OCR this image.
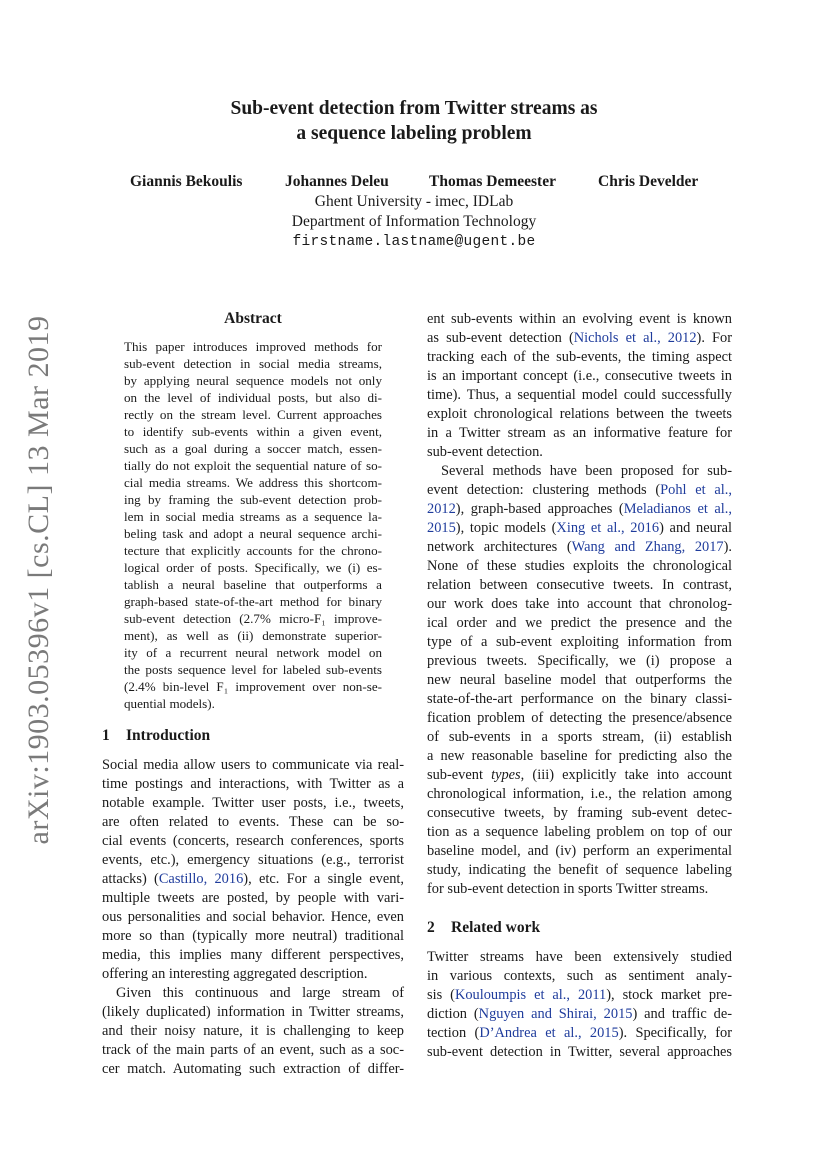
arXiv:1903.05396v1 [cs.CL] 13 Mar 2019
Sub-event detection from Twitter streams as
a sequence labeling problem
Giannis Bekoulis	Johannes Deleu	Thomas Demeester	Chris Develder
Ghent University - imec, IDLab
Department of Information Technology
firstname.lastname@ugent.be
Abstract
This paper introduces improved methods for
sub-event detection in social media streams,
by applying neural sequence models not only
on the level of individual posts, but also di-
rectly on the stream level. Current approaches
to identify sub-events within a given event,
such as a goal during a soccer match, essen-
tially do not exploit the sequential nature of so-
cial media streams. We address this shortcom-
ing by framing the sub-event detection prob-
lem in social media streams as a sequence la-
beling task and adopt a neural sequence archi-
tecture that explicitly accounts for the chrono-
logical order of posts. Specifically, we (i) es-
tablish a neural baseline that outperforms a
graph-based state-of-the-art method for binary
sub-event detection (2.7% micro-F₁ improve-
ment), as well as (ii) demonstrate superior-
ity of a recurrent neural network model on
the posts sequence level for labeled sub-events
(2.4% bin-level F₁ improvement over non-se-
quential models).
1 Introduction
Social media allow users to communicate via real-
time postings and interactions, with Twitter as a
notable example. Twitter user posts, i.e., tweets,
are often related to events. These can be so-
cial events (concerts, research conferences, sports
events, etc.), emergency situations (e.g., terrorist
attacks) (Castillo, 2016), etc. For a single event,
multiple tweets are posted, by people with vari-
ous personalities and social behavior. Hence, even
more so than (typically more neutral) traditional
media, this implies many different perspectives,
offering an interesting aggregated description.
Given this continuous and large stream of
(likely duplicated) information in Twitter streams,
and their noisy nature, it is challenging to keep
track of the main parts of an event, such as a soc-
cer match. Automating such extraction of differ-
ent sub-events within an evolving event is known
as sub-event detection (Nichols et al., 2012). For
tracking each of the sub-events, the timing aspect
is an important concept (i.e., consecutive tweets in
time). Thus, a sequential model could successfully
exploit chronological relations between the tweets
in a Twitter stream as an informative feature for
sub-event detection.
Several methods have been proposed for sub-
event detection: clustering methods (Pohl et al.,
2012), graph-based approaches (Meladianos et al.,
2015), topic models (Xing et al., 2016) and neural
network architectures (Wang and Zhang, 2017).
None of these studies exploits the chronological
relation between consecutive tweets. In contrast,
our work does take into account that chronolog-
ical order and we predict the presence and the
type of a sub-event exploiting information from
previous tweets. Specifically, we (i) propose a
new neural baseline model that outperforms the
state-of-the-art performance on the binary classi-
fication problem of detecting the presence/absence
of sub-events in a sports stream, (ii) establish
a new reasonable baseline for predicting also the
sub-event types, (iii) explicitly take into account
chronological information, i.e., the relation among
consecutive tweets, by framing sub-event detec-
tion as a sequence labeling problem on top of our
baseline model, and (iv) perform an experimental
study, indicating the benefit of sequence labeling
for sub-event detection in sports Twitter streams.
2 Related work
Twitter streams have been extensively studied
in various contexts, such as sentiment analy-
sis (Kouloumpis et al., 2011), stock market pre-
diction (Nguyen and Shirai, 2015) and traffic de-
tection (D’Andrea et al., 2015). Specifically, for
sub-event detection in Twitter, several approaches
